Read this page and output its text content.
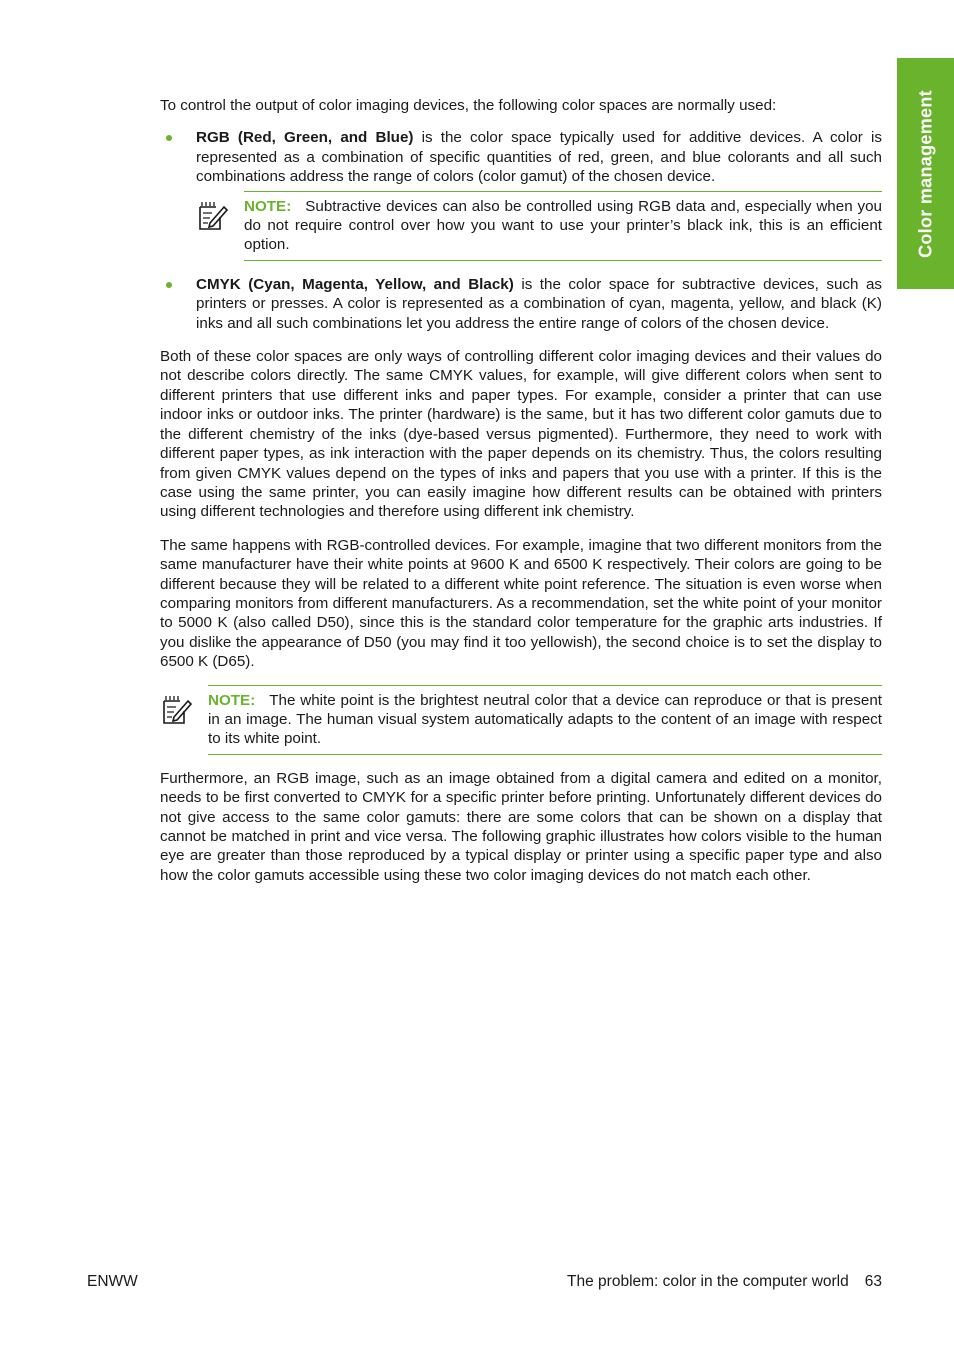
Color management

To control the output of color imaging devices, the following color spaces are normally used:

RGB (Red, Green, and Blue) is the color space typically used for additive devices. A color is represented as a combination of specific quantities of red, green, and blue colorants and all such combinations address the range of colors (color gamut) of the chosen device.

NOTE: Subtractive devices can also be controlled using RGB data and, especially when you do not require control over how you want to use your printer’s black ink, this is an efficient option.

CMYK (Cyan, Magenta, Yellow, and Black) is the color space for subtractive devices, such as printers or presses. A color is represented as a combination of cyan, magenta, yellow, and black (K) inks and all such combinations let you address the entire range of colors of the chosen device.

Both of these color spaces are only ways of controlling different color imaging devices and their values do not describe colors directly. The same CMYK values, for example, will give different colors when sent to different printers that use different inks and paper types. For example, consider a printer that can use indoor inks or outdoor inks. The printer (hardware) is the same, but it has two different color gamuts due to the different chemistry of the inks (dye-based versus pigmented). Furthermore, they need to work with different paper types, as ink interaction with the paper depends on its chemistry. Thus, the colors resulting from given CMYK values depend on the types of inks and papers that you use with a printer. If this is the case using the same printer, you can easily imagine how different results can be obtained with printers using different technologies and therefore using different ink chemistry.

The same happens with RGB-controlled devices. For example, imagine that two different monitors from the same manufacturer have their white points at 9600 K and 6500 K respectively. Their colors are going to be different because they will be related to a different white point reference. The situation is even worse when comparing monitors from different manufacturers. As a recommendation, set the white point of your monitor to 5000 K (also called D50), since this is the standard color temperature for the graphic arts industries. If you dislike the appearance of D50 (you may find it too yellowish), the second choice is to set the display to 6500 K (D65).

NOTE: The white point is the brightest neutral color that a device can reproduce or that is present in an image. The human visual system automatically adapts to the content of an image with respect to its white point.

Furthermore, an RGB image, such as an image obtained from a digital camera and edited on a monitor, needs to be first converted to CMYK for a specific printer before printing. Unfortunately different devices do not give access to the same color gamuts: there are some colors that can be shown on a display that cannot be matched in print and vice versa. The following graphic illustrates how colors visible to the human eye are greater than those reproduced by a typical display or printer using a specific paper type and also how the color gamuts accessible using these two color imaging devices do not match each other.

ENWW	The problem: color in the computer world 63
